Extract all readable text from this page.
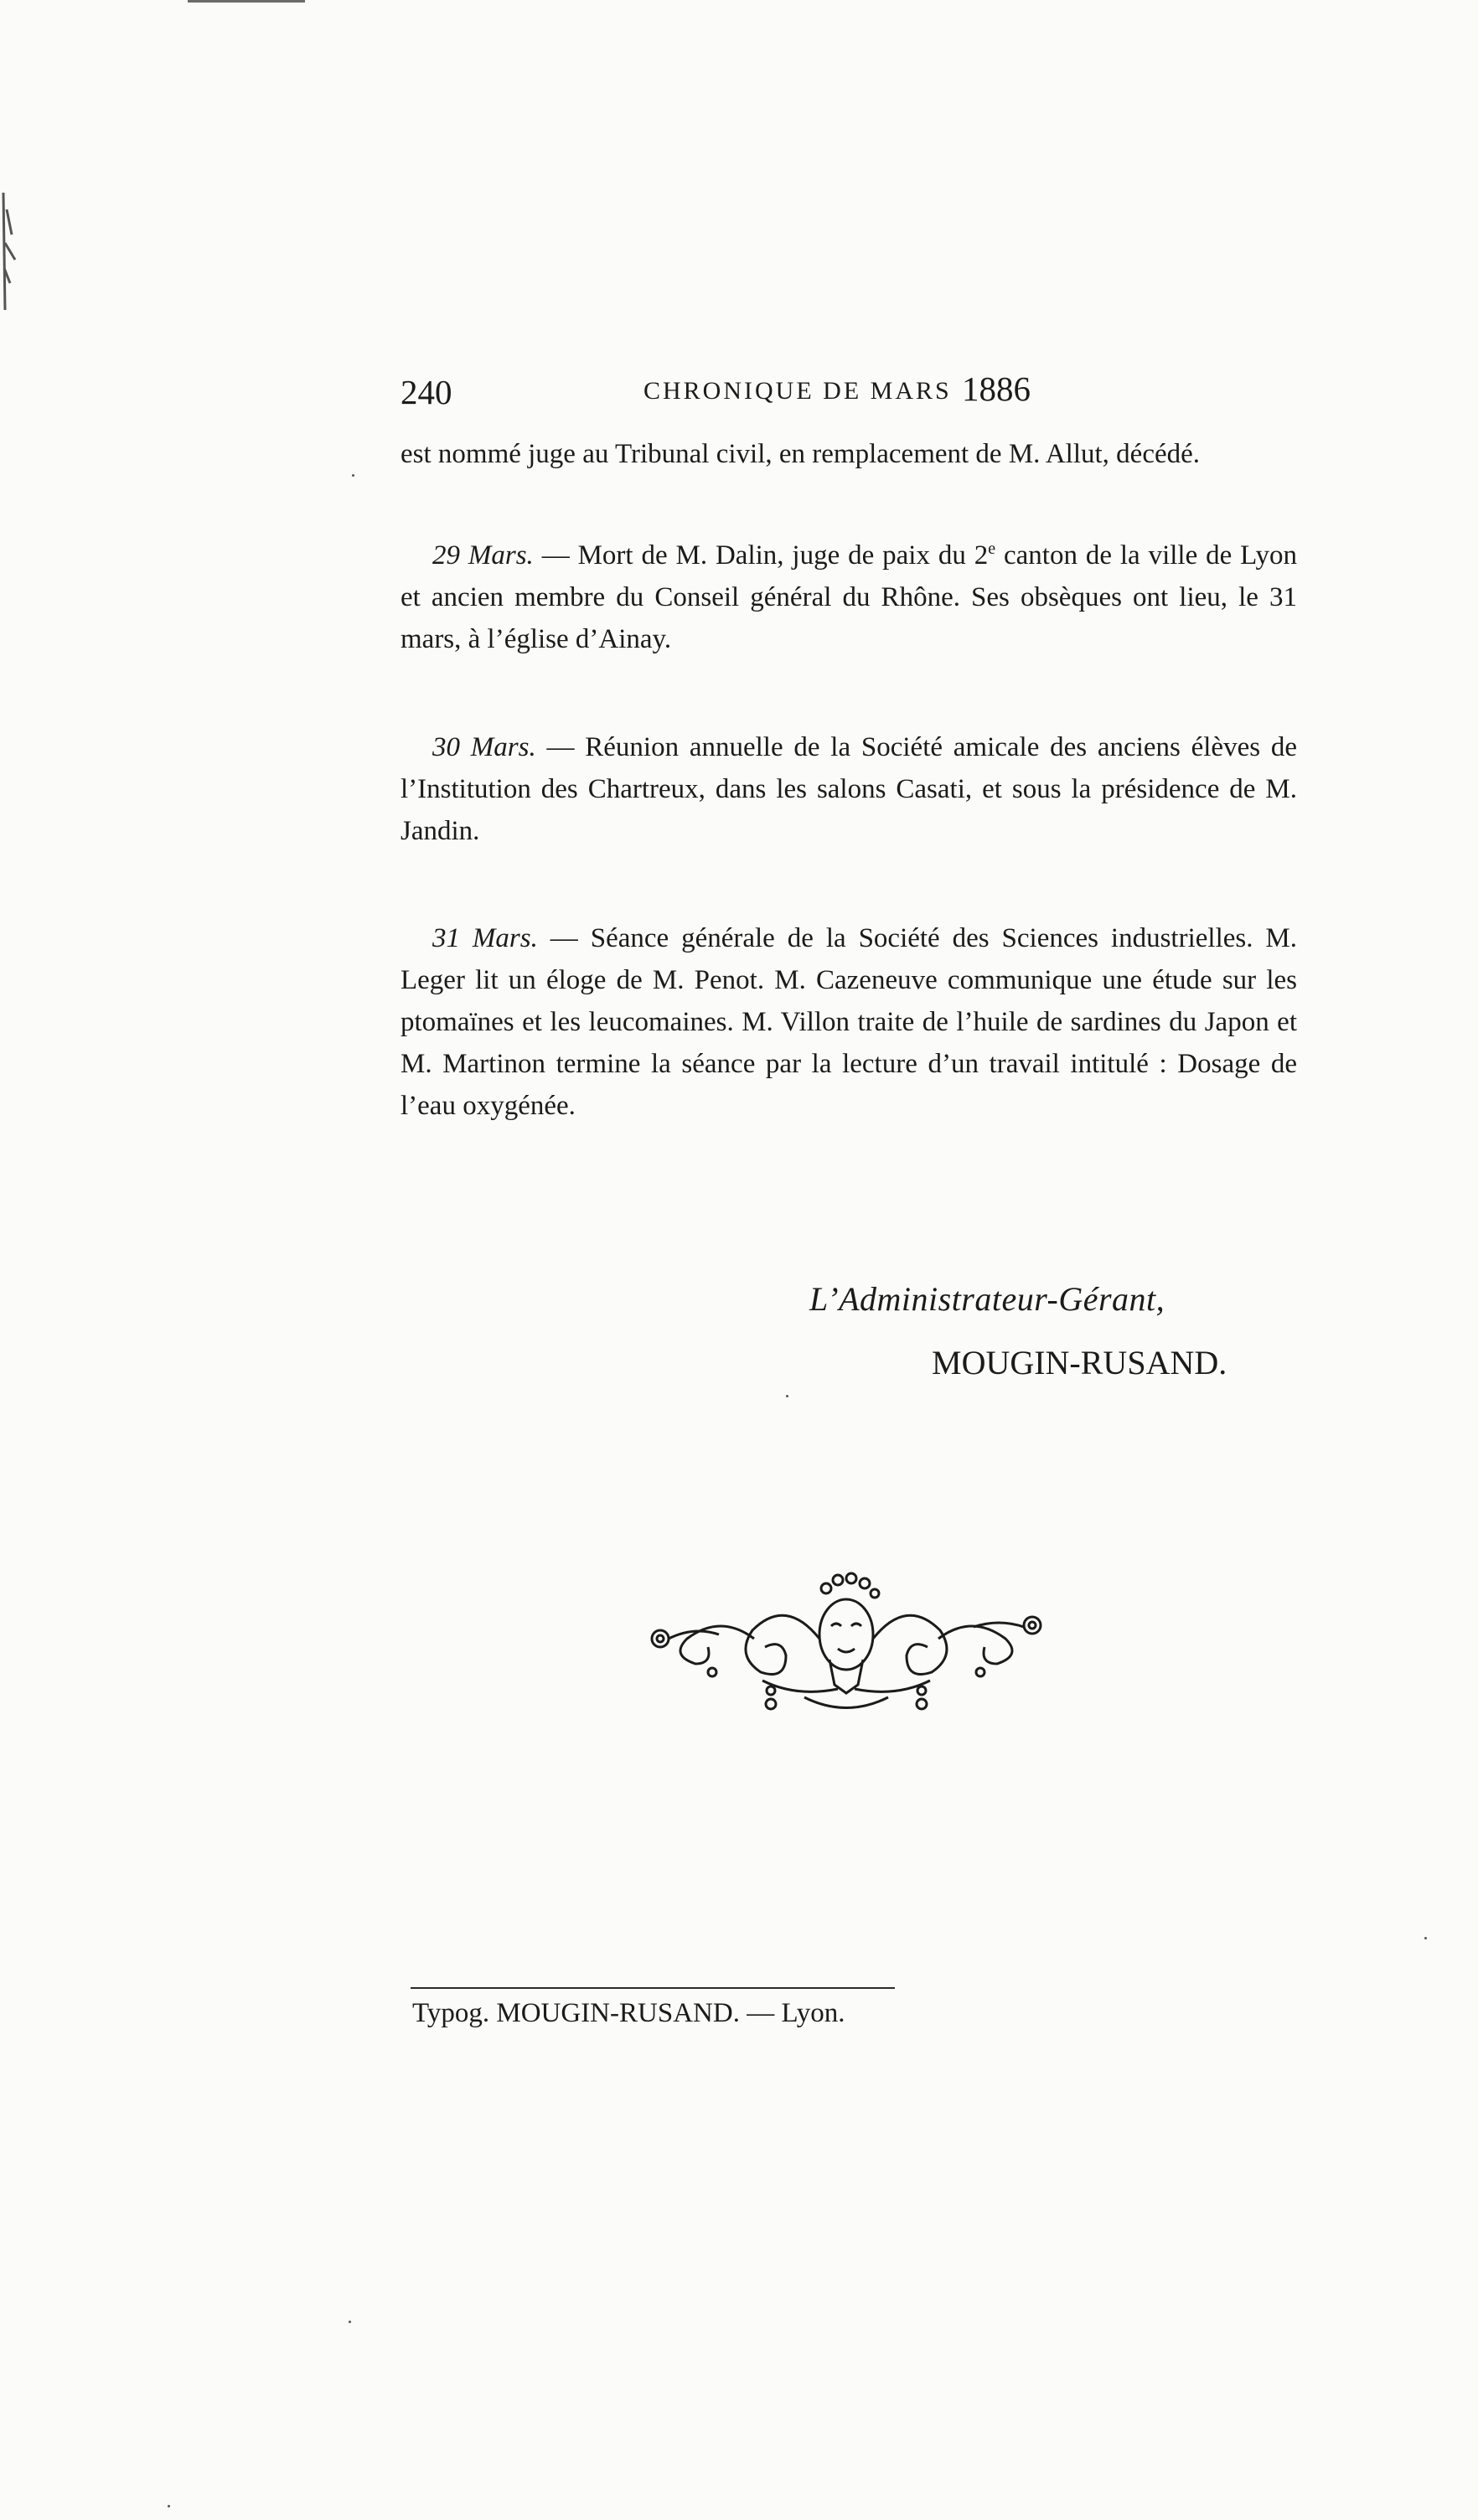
240	CHRONIQUE DE MARS 1886

est nommé juge au Tribunal civil, en remplacement de M. Allut, décédé.

29 Mars. — Mort de M. Dalin, juge de paix du 2e canton de la ville de Lyon et ancien membre du Conseil général du Rhône. Ses obsèques ont lieu, le 31 mars, à l’église d’Ainay.

30 Mars. — Réunion annuelle de la Société amicale des anciens élèves de l’Institution des Chartreux, dans les salons Casati, et sous la présidence de M. Jandin.

31 Mars. — Séance générale de la Société des Sciences industrielles. M. Leger lit un éloge de M. Penot. M. Cazeneuve communique une étude sur les ptomaïnes et les leucomaines. M. Villon traite de l’huile de sardines du Japon et M. Martinon termine la séance par la lecture d’un travail intitulé : Dosage de l’eau oxygénée.

L’Administrateur-Gérant,
MOUGIN-RUSAND.
Typog. MOUGIN-RUSAND. — Lyon.
